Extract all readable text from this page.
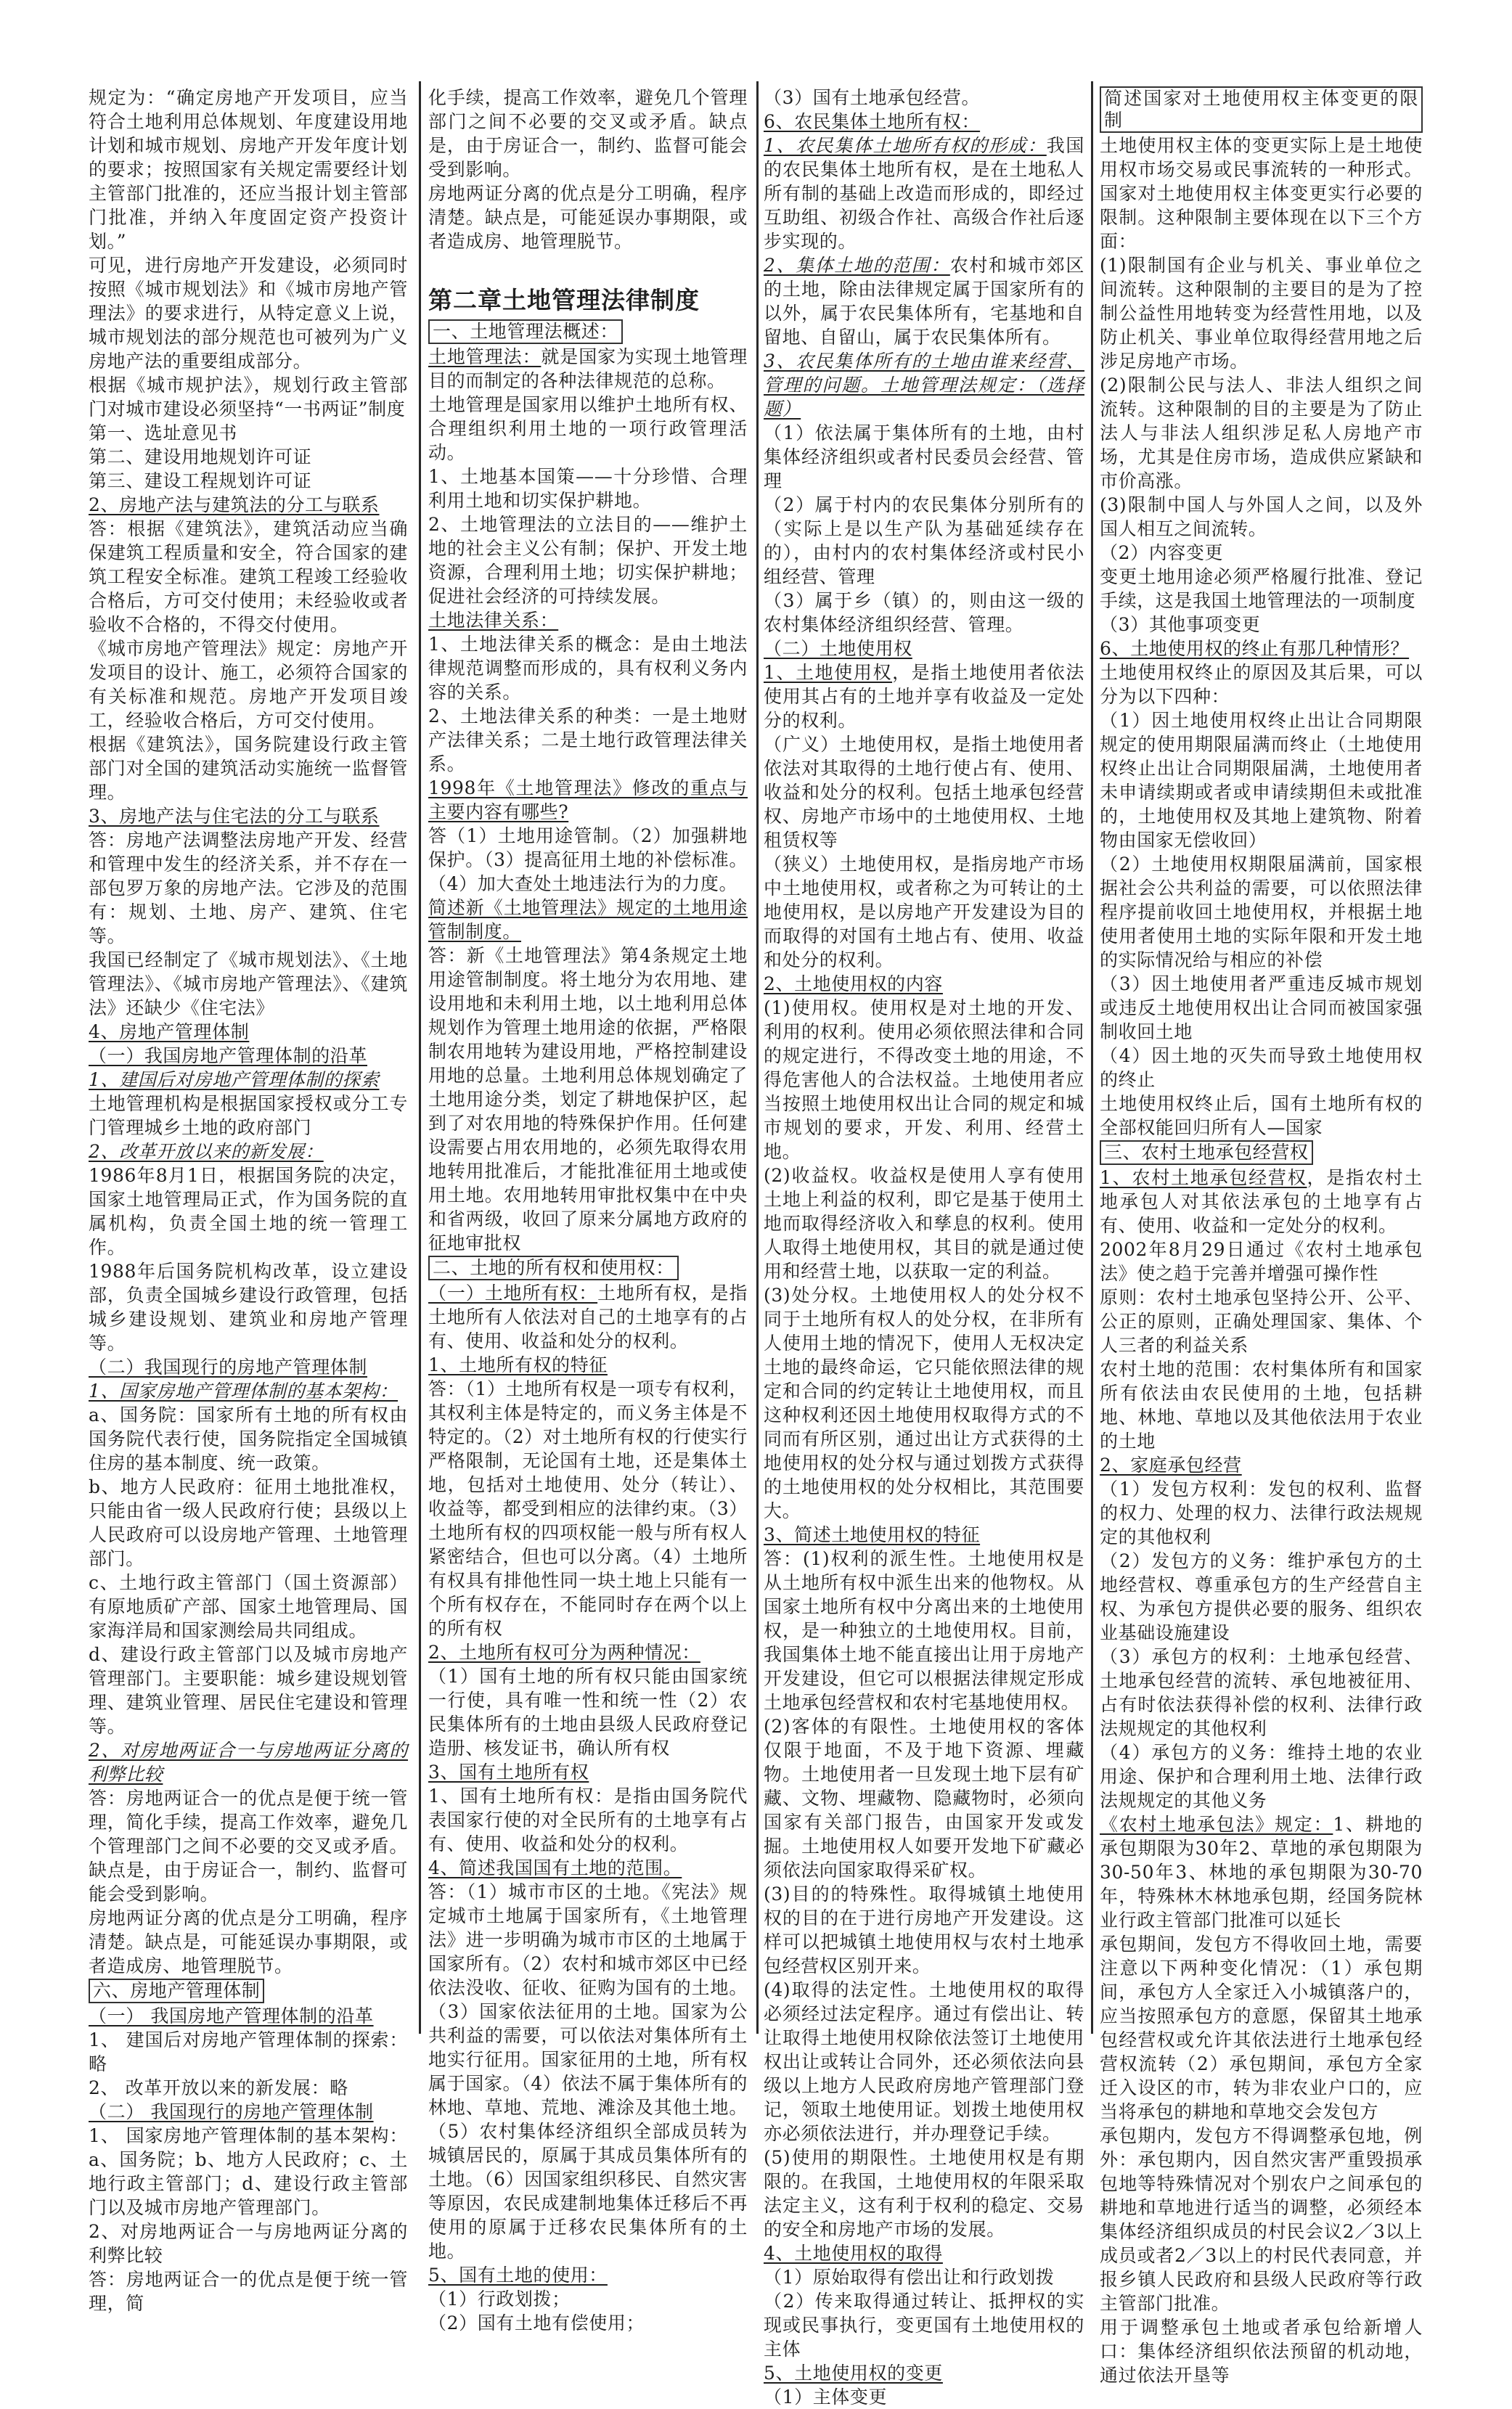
规定为：“确定房地产开发项目，应当符合土地利用总体规划、年度建设用地计划和城市规划、房地产开发年度计划的要求；按照国家有关规定需要经计划主管部门批准的，还应当报计划主管部门批准，并纳入年度固定资产投资计划。”
可见，进行房地产开发建设，必须同时按照《城市规划法》和《城市房地产管理法》的要求进行，从特定意义上说，城市规划法的部分规范也可被列为广义房地产法的重要组成部分。
根据《城市规护法》，规划行政主管部门对城市建设必须坚持“一书两证”制度
第一、选址意见书
第二、建设用地规划许可证
第三、建设工程规划许可证
2、房地产法与建筑法的分工与联系
答：根据《建筑法》，建筑活动应当确保建筑工程质量和安全，符合国家的建筑工程安全标准。建筑工程竣工经验收合格后，方可交付使用；未经验收或者验收不合格的，不得交付使用。
《城市房地产管理法》规定：房地产开发项目的设计、施工，必须符合国家的有关标准和规范。房地产开发项目竣工，经验收合格后，方可交付使用。
根据《建筑法》，国务院建设行政主管部门对全国的建筑活动实施统一监督管理。
3、房地产法与住宅法的分工与联系
答：房地产法调整法房地产开发、经营和管理中发生的经济关系，并不存在一部包罗万象的房地产法。它涉及的范围有：规划、土地、房产、建筑、住宅等。
我国已经制定了《城市规划法》、《土地管理法》、《城市房地产管理法》、《建筑法》还缺少《住宅法》
4、房地产管理体制
（一）我国房地产管理体制的沿革
1、建国后对房地产管理体制的探索
土地管理机构是根据国家授权或分工专门管理城乡土地的政府部门
2、改革开放以来的新发展：
1986年8月1日，根据国务院的决定，国家土地管理局正式，作为国务院的直属机构，负责全国土地的统一管理工作。
1988年后国务院机构改革，设立建设部，负责全国城乡建设行政管理，包括城乡建设规划、建筑业和房地产管理等。
（二）我国现行的房地产管理体制
1、国家房地产管理体制的基本架构：
a、国务院：国家所有土地的所有权由国务院代表行使，国务院指定全国城镇住房的基本制度、统一政策。
b、地方人民政府：征用土地批准权，只能由省一级人民政府行使；县级以上人民政府可以设房地产管理、土地管理部门。
c、土地行政主管部门（国土资源部）有原地质矿产部、国家土地管理局、国家海洋局和国家测绘局共同组成。
d、建设行政主管部门以及城市房地产管理部门。主要职能：城乡建设规划管理、建筑业管理、居民住宅建设和管理等。
2、对房地两证合一与房地两证分离的利弊比较
答：房地两证合一的优点是便于统一管理，简化手续，提高工作效率，避免几个管理部门之间不必要的交叉或矛盾。缺点是，由于房证合一，制约、监督可能会受到影响。
房地两证分离的优点是分工明确，程序清楚。缺点是，可能延误办事期限，或者造成房、地管理脱节。
六、房地产管理体制
（一） 我国房地产管理体制的沿革
1、 建国后对房地产管理体制的探索：略
2、 改革开放以来的新发展：略
（二） 我国现行的房地产管理体制
1、 国家房地产管理体制的基本架构：a、国务院；b、地方人民政府；c、土地行政主管部门；d、建设行政主管部门以及城市房地产管理部门。
2、对房地两证合一与房地两证分离的利弊比较
答：房地两证合一的优点是便于统一管理，简
化手续，提高工作效率，避免几个管理部门之间不必要的交叉或矛盾。缺点是，由于房证合一，制约、监督可能会受到影响。
房地两证分离的优点是分工明确，程序清楚。缺点是，可能延误办事期限，或者造成房、地管理脱节。
第二章土地管理法律制度
一、土地管理法概述：
土地管理法：就是国家为实现土地管理目的而制定的各种法律规范的总称。
土地管理是国家用以维护土地所有权、合理组织利用土地的一项行政管理活动。
1、土地基本国策——十分珍惜、合理利用土地和切实保护耕地。
2、土地管理法的立法目的——维护土地的社会主义公有制；保护、开发土地资源，合理利用土地；切实保护耕地；促进社会经济的可持续发展。
土地法律关系：
1、土地法律关系的概念：是由土地法律规范调整而形成的，具有权利义务内容的关系。
2、土地法律关系的种类：一是土地财产法律关系；二是土地行政管理法律关系。
1998年《土地管理法》修改的重点与主要内容有哪些?
答（1）土地用途管制。（2）加强耕地保护。（3）提高征用土地的补偿标准。（4）加大查处土地违法行为的力度。
简述新《土地管理法》规定的土地用途管制制度。
答：新《土地管理法》第4条规定土地用途管制制度。将土地分为农用地、建设用地和未利用土地，以土地利用总体规划作为管理土地用途的依据，严格限制农用地转为建设用地，严格控制建设用地的总量。土地利用总体规划确定了土地用途分类，划定了耕地保护区，起到了对农用地的特殊保护作用。任何建设需要占用农用地的，必须先取得农用地转用批准后，才能批准征用土地或使用土地。农用地转用审批权集中在中央和省两级，收回了原来分属地方政府的征地审批权
二、土地的所有权和使用权：
（一）土地所有权：土地所有权，是指土地所有人依法对自己的土地享有的占有、使用、收益和处分的权利。
1、土地所有权的特征
答：（1）土地所有权是一项专有权利，其权利主体是特定的，而义务主体是不特定的。（2）对土地所有权的行使实行严格限制，无论国有土地，还是集体土地，包括对土地使用、处分（转让）、收益等，都受到相应的法律约束。（3）土地所有权的四项权能一般与所有权人紧密结合，但也可以分离。（4）土地所有权具有排他性同一块土地上只能有一个所有权存在，不能同时存在两个以上的所有权
2、土地所有权可分为两种情况：
（1）国有土地的所有权只能由国家统一行使，具有唯一性和统一性（2）农民集体所有的土地由县级人民政府登记造册、核发证书，确认所有权
3、国有土地所有权
1、国有土地所有权：是指由国务院代表国家行使的对全民所有的土地享有占有、使用、收益和处分的权利。
4、简述我国国有土地的范围。
答：（1）城市市区的土地。《宪法》规定城市土地属于国家所有，《土地管理法》进一步明确为城市市区的土地属于国家所有。（2）农村和城市郊区中已经依法没收、征收、征购为国有的土地。（3）国家依法征用的土地。国家为公共利益的需要，可以依法对集体所有土地实行征用。国家征用的土地，所有权属于国家。（4）依法不属于集体所有的林地、草地、荒地、滩涂及其他土地。（5）农村集体经济组织全部成员转为城镇居民的，原属于其成员集体所有的土地。（6）因国家组织移民、自然灾害等原因，农民成建制地集体迁移后不再使用的原属于迁移农民集体所有的土地。
5、国有土地的使用：
（1）行政划拨；
（2）国有土地有偿使用；
（3）国有土地承包经营。
6、农民集体土地所有权：
1、农民集体土地所有权的形成：我国的农民集体土地所有权，是在土地私人所有制的基础上改造而形成的，即经过互助组、初级合作社、高级合作社后逐步实现的。
2、集体土地的范围：农村和城市郊区的土地，除由法律规定属于国家所有的以外，属于农民集体所有，宅基地和自留地、自留山，属于农民集体所有。
3、农民集体所有的土地由谁来经营、管理的问题。土地管理法规定：（选择题）
（1）依法属于集体所有的土地，由村集体经济组织或者村民委员会经营、管理
（2）属于村内的农民集体分别所有的（实际上是以生产队为基础延续存在的），由村内的农村集体经济或村民小组经营、管理
（3）属于乡（镇）的，则由这一级的农村集体经济组织经营、管理。
（二）土地使用权
1、土地使用权，是指土地使用者依法使用其占有的土地并享有收益及一定处分的权利。
（广义）土地使用权，是指土地使用者依法对其取得的土地行使占有、使用、收益和处分的权利。包括土地承包经营权、房地产市场中的土地使用权、土地租赁权等
（狭义）土地使用权，是指房地产市场中土地使用权，或者称之为可转让的土地使用权，是以房地产开发建设为目的而取得的对国有土地占有、使用、收益和处分的权利。
2、土地使用权的内容
(1)使用权。使用权是对土地的开发、利用的权利。使用必须依照法律和合同的规定进行，不得改变土地的用途，不得危害他人的合法权益。土地使用者应当按照土地使用权出让合同的规定和城市规划的要求，开发、利用、经营土地。
(2)收益权。收益权是使用人享有使用土地上利益的权利，即它是基于使用土地而取得经济收入和孳息的权利。使用人取得土地使用权，其目的就是通过使用和经营土地，以获取一定的利益。
(3)处分权。土地使用权人的处分权不同于土地所有权人的处分权，在非所有人使用土地的情况下，使用人无权决定土地的最终命运，它只能依照法律的规定和合同的约定转让土地使用权，而且这种权利还因土地使用权取得方式的不同而有所区别，通过出让方式获得的土地使用权的处分权与通过划拨方式获得的土地使用权的处分权相比，其范围要大。
3、简述土地使用权的特征
答：(1)权利的派生性。土地使用权是从土地所有权中派生出来的他物权。从国家土地所有权中分离出来的土地使用权，是一种独立的土地使用权。目前，我国集体土地不能直接出让用于房地产开发建设，但它可以根据法律规定形成土地承包经营权和农村宅基地使用权。
(2)客体的有限性。土地使用权的客体仅限于地面，不及于地下资源、埋藏物。土地使用者一旦发现土地下层有矿藏、文物、埋藏物、隐藏物时，必须向国家有关部门报告，由国家开发或发掘。土地使用权人如要开发地下矿藏必须依法向国家取得采矿权。
(3)目的的特殊性。取得城镇土地使用权的目的在于进行房地产开发建设。这样可以把城镇土地使用权与农村土地承包经营权区别开来。
(4)取得的法定性。土地使用权的取得必须经过法定程序。通过有偿出让、转让取得土地使用权除依法签订土地使用权出让或转让合同外，还必须依法向县级以上地方人民政府房地产管理部门登记，领取土地使用证。划拨土地使用权亦必须依法进行，并办理登记手续。
(5)使用的期限性。土地使用权是有期限的。在我国，土地使用权的年限采取法定主义，这有利于权利的稳定、交易的安全和房地产市场的发展。
4、土地使用权的取得
（1）原始取得有偿出让和行政划拨
（2）传来取得通过转让、抵押权的实现或民事执行，变更国有土地使用权的主体
5、土地使用权的变更
（1）主体变更
简述国家对土地使用权主体变更的限制
土地使用权主体的变更实际上是土地使用权市场交易或民事流转的一种形式。国家对土地使用权主体变更实行必要的限制。这种限制主要体现在以下三个方面：
(1)限制国有企业与机关、事业单位之间流转。这种限制的主要目的是为了控制公益性用地转变为经营性用地，以及防止机关、事业单位取得经营用地之后涉足房地产市场。
(2)限制公民与法人、非法人组织之间流转。这种限制的目的主要是为了防止法人与非法人组织涉足私人房地产市场，尤其是住房市场，造成供应紧缺和市价高涨。
(3)限制中国人与外国人之间，以及外国人相互之间流转。
（2）内容变更
变更土地用途必须严格履行批准、登记手续，这是我国土地管理法的一项制度
（3）其他事项变更
6、土地使用权的终止有那几种情形？
土地使用权终止的原因及其后果，可以分为以下四种：
（1）因土地使用权终止出让合同期限规定的使用期限届满而终止（土地使用权终止出让合同期限届满，土地使用者未申请续期或者或申请续期但未或批准的，土地使用权及其地上建筑物、附着物由国家无偿收回）
（2）土地使用权期限届满前，国家根据社会公共利益的需要，可以依照法律程序提前收回土地使用权，并根据土地使用者使用土地的实际年限和开发土地的实际情况给与相应的补偿
（3）因土地使用者严重违反城市规划或违反土地使用权出让合同而被国家强制收回土地
（4）因土地的灭失而导致土地使用权的终止
土地使用权终止后，国有土地所有权的全部权能回归所有人—国家
三、农村土地承包经营权
1、农村土地承包经营权，是指农村土地承包人对其依法承包的土地享有占有、使用、收益和一定处分的权利。
2002年8月29日通过《农村土地承包法》使之趋于完善并增强可操作性
原则：农村土地承包坚持公开、公平、公正的原则，正确处理国家、集体、个人三者的利益关系
农村土地的范围：农村集体所有和国家所有依法由农民使用的土地，包括耕地、林地、草地以及其他依法用于农业的土地
2、家庭承包经营
（1）发包方权利：发包的权利、监督的权力、处理的权力、法律行政法规规定的其他权利
（2）发包方的义务：维护承包方的土地经营权、尊重承包方的生产经营自主权、为承包方提供必要的服务、组织农业基础设施建设
（3）承包方的权利：土地承包经营、土地承包经营的流转、承包地被征用、占有时依法获得补偿的权利、法律行政法规规定的其他权利
（4）承包方的义务：维持土地的农业用途、保护和合理利用土地、法律行政法规规定的其他义务
《农村土地承包法》规定：1、耕地的承包期限为30年2、草地的承包期限为30-50年3、林地的承包期限为30-70年，特殊林木林地承包期，经国务院林业行政主管部门批准可以延长
承包期间，发包方不得收回土地，需要注意以下两种变化情况：（1）承包期间，承包方人全家迁入小城镇落户的，应当按照承包方的意愿，保留其土地承包经营权或允许其依法进行土地承包经营权流转（2）承包期间，承包方全家迁入设区的市，转为非农业户口的，应当将承包的耕地和草地交会发包方
承包期内，发包方不得调整承包地，例外：承包期内，因自然灾害严重毁损承包地等特殊情况对个别农户之间承包的耕地和草地进行适当的调整，必须经本集体经济组织成员的村民会议2／3以上成员或者2／3以上的村民代表同意，并报乡镇人民政府和县级人民政府等行政主管部门批准。
用于调整承包土地或者承包给新增人口：集体经济组织依法预留的机动地，通过依法开垦等
